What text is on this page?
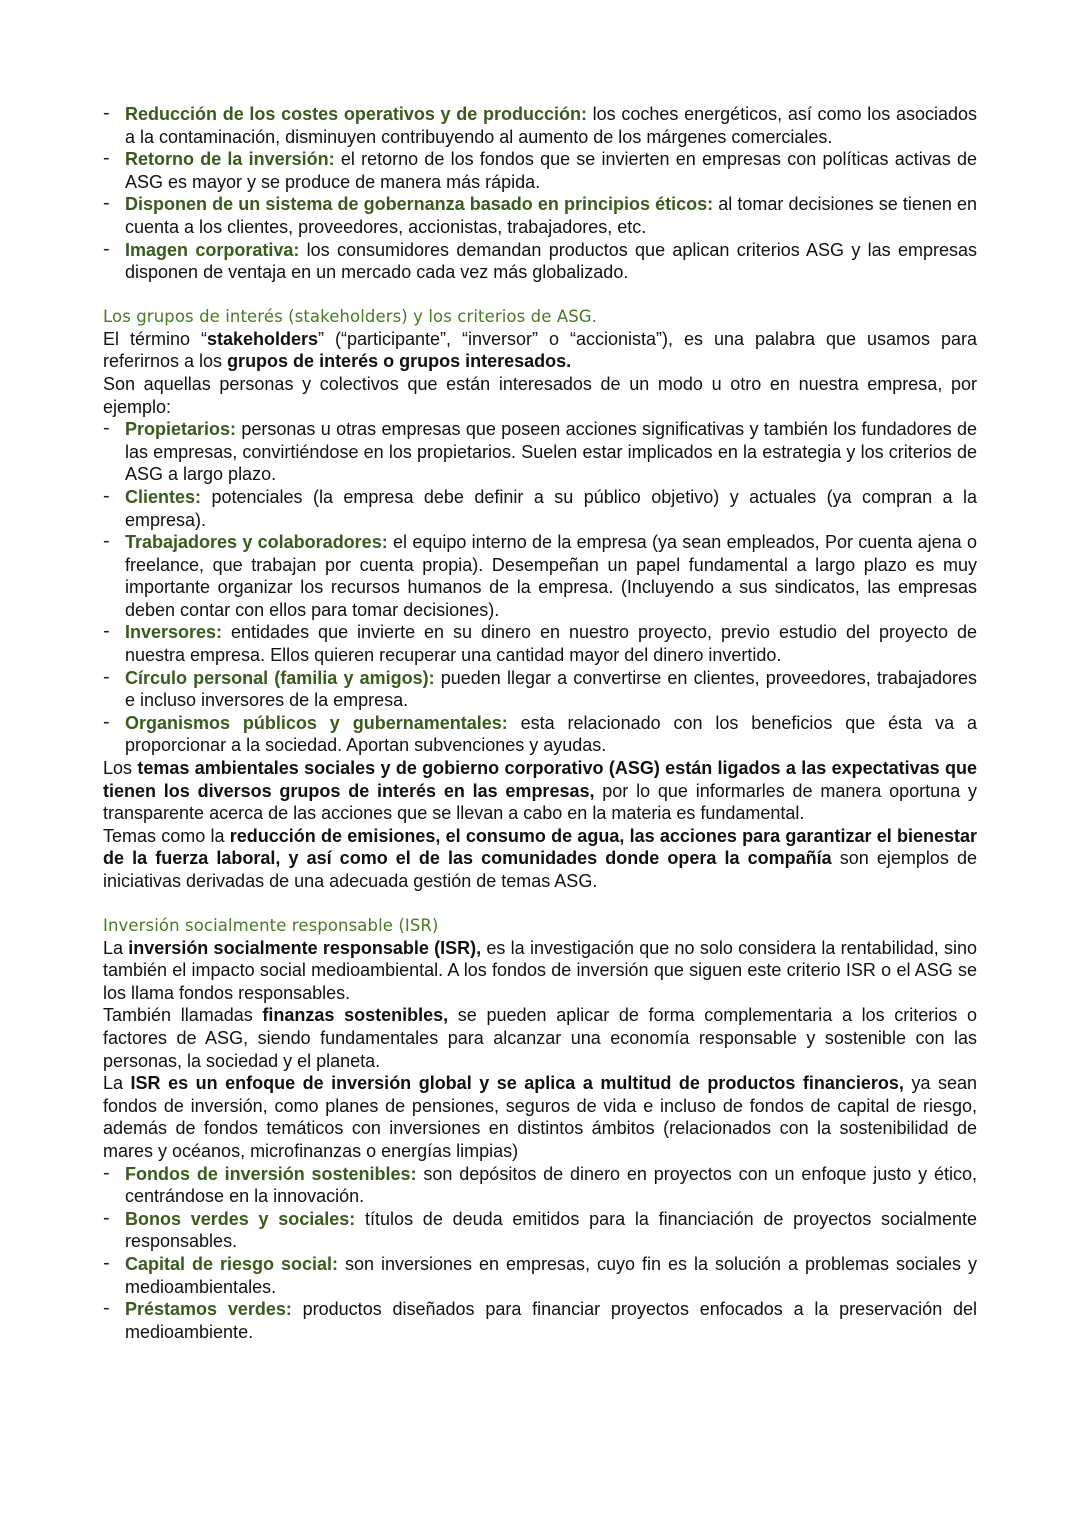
- Reducción de los costes operativos y de producción: los coches energéticos, así como los asociados a la contaminación, disminuyen contribuyendo al aumento de los márgenes comerciales.
- Retorno de la inversión: el retorno de los fondos que se invierten en empresas con políticas activas de ASG es mayor y se produce de manera más rápida.
- Disponen de un sistema de gobernanza basado en principios éticos: al tomar decisiones se tienen en cuenta a los clientes, proveedores, accionistas, trabajadores, etc.
- Imagen corporativa: los consumidores demandan productos que aplican criterios ASG y las empresas disponen de ventaja en un mercado cada vez más globalizado.
Los grupos de interés (stakeholders) y los criterios de ASG.

El término “stakeholders” (“participante”, “inversor” o “accionista”), es una palabra que usamos para referirnos a los grupos de interés o grupos interesados.

Son aquellas personas y colectivos que están interesados de un modo u otro en nuestra empresa, por ejemplo:

- Propietarios: personas u otras empresas que poseen acciones significativas y también los fundadores de las empresas, convirtiéndose en los propietarios. Suelen estar implicados en la estrategia y los criterios de ASG a largo plazo.
- Clientes: potenciales (la empresa debe definir a su público objetivo) y actuales (ya compran a la empresa).
- Trabajadores y colaboradores: el equipo interno de la empresa (ya sean empleados, Por cuenta ajena o freelance, que trabajan por cuenta propia). Desempeñan un papel fundamental a largo plazo es muy importante organizar los recursos humanos de la empresa. (Incluyendo a sus sindicatos, las empresas deben contar con ellos para tomar decisiones).
- Inversores: entidades que invierte en su dinero en nuestro proyecto, previo estudio del proyecto de nuestra empresa. Ellos quieren recuperar una cantidad mayor del dinero invertido.
- Círculo personal (familia y amigos): pueden llegar a convertirse en clientes, proveedores, trabajadores e incluso inversores de la empresa.
- Organismos públicos y gubernamentales: esta relacionado con los beneficios que ésta va a proporcionar a la sociedad. Aportan subvenciones y ayudas.

Los temas ambientales sociales y de gobierno corporativo (ASG) están ligados a las expectativas que tienen los diversos grupos de interés en las empresas, por lo que informarles de manera oportuna y transparente acerca de las acciones que se llevan a cabo en la materia es fundamental.

Temas como la reducción de emisiones, el consumo de agua, las acciones para garantizar el bienestar de la fuerza laboral, y así como el de las comunidades donde opera la compañía son ejemplos de iniciativas derivadas de una adecuada gestión de temas ASG.

Inversión socialmente responsable (ISR)

La inversión socialmente responsable (ISR), es la investigación que no solo considera la rentabilidad, sino también el impacto social medioambiental. A los fondos de inversión que siguen este criterio ISR o el ASG se los llama fondos responsables.

También llamadas finanzas sostenibles, se pueden aplicar de forma complementaria a los criterios o factores de ASG, siendo fundamentales para alcanzar una economía responsable y sostenible con las personas, la sociedad y el planeta.

La ISR es un enfoque de inversión global y se aplica a multitud de productos financieros, ya sean fondos de inversión, como planes de pensiones, seguros de vida e incluso de fondos de capital de riesgo, además de fondos temáticos con inversiones en distintos ámbitos (relacionados con la sostenibilidad de mares y océanos, microfinanzas o energías limpias)

- Fondos de inversión sostenibles: son depósitos de dinero en proyectos con un enfoque justo y ético, centrándose en la innovación.
- Bonos verdes y sociales: títulos de deuda emitidos para la financiación de proyectos socialmente responsables.
- Capital de riesgo social: son inversiones en empresas, cuyo fin es la solución a problemas sociales y medioambientales.
- Préstamos verdes: productos diseñados para financiar proyectos enfocados a la preservación del medioambiente.
